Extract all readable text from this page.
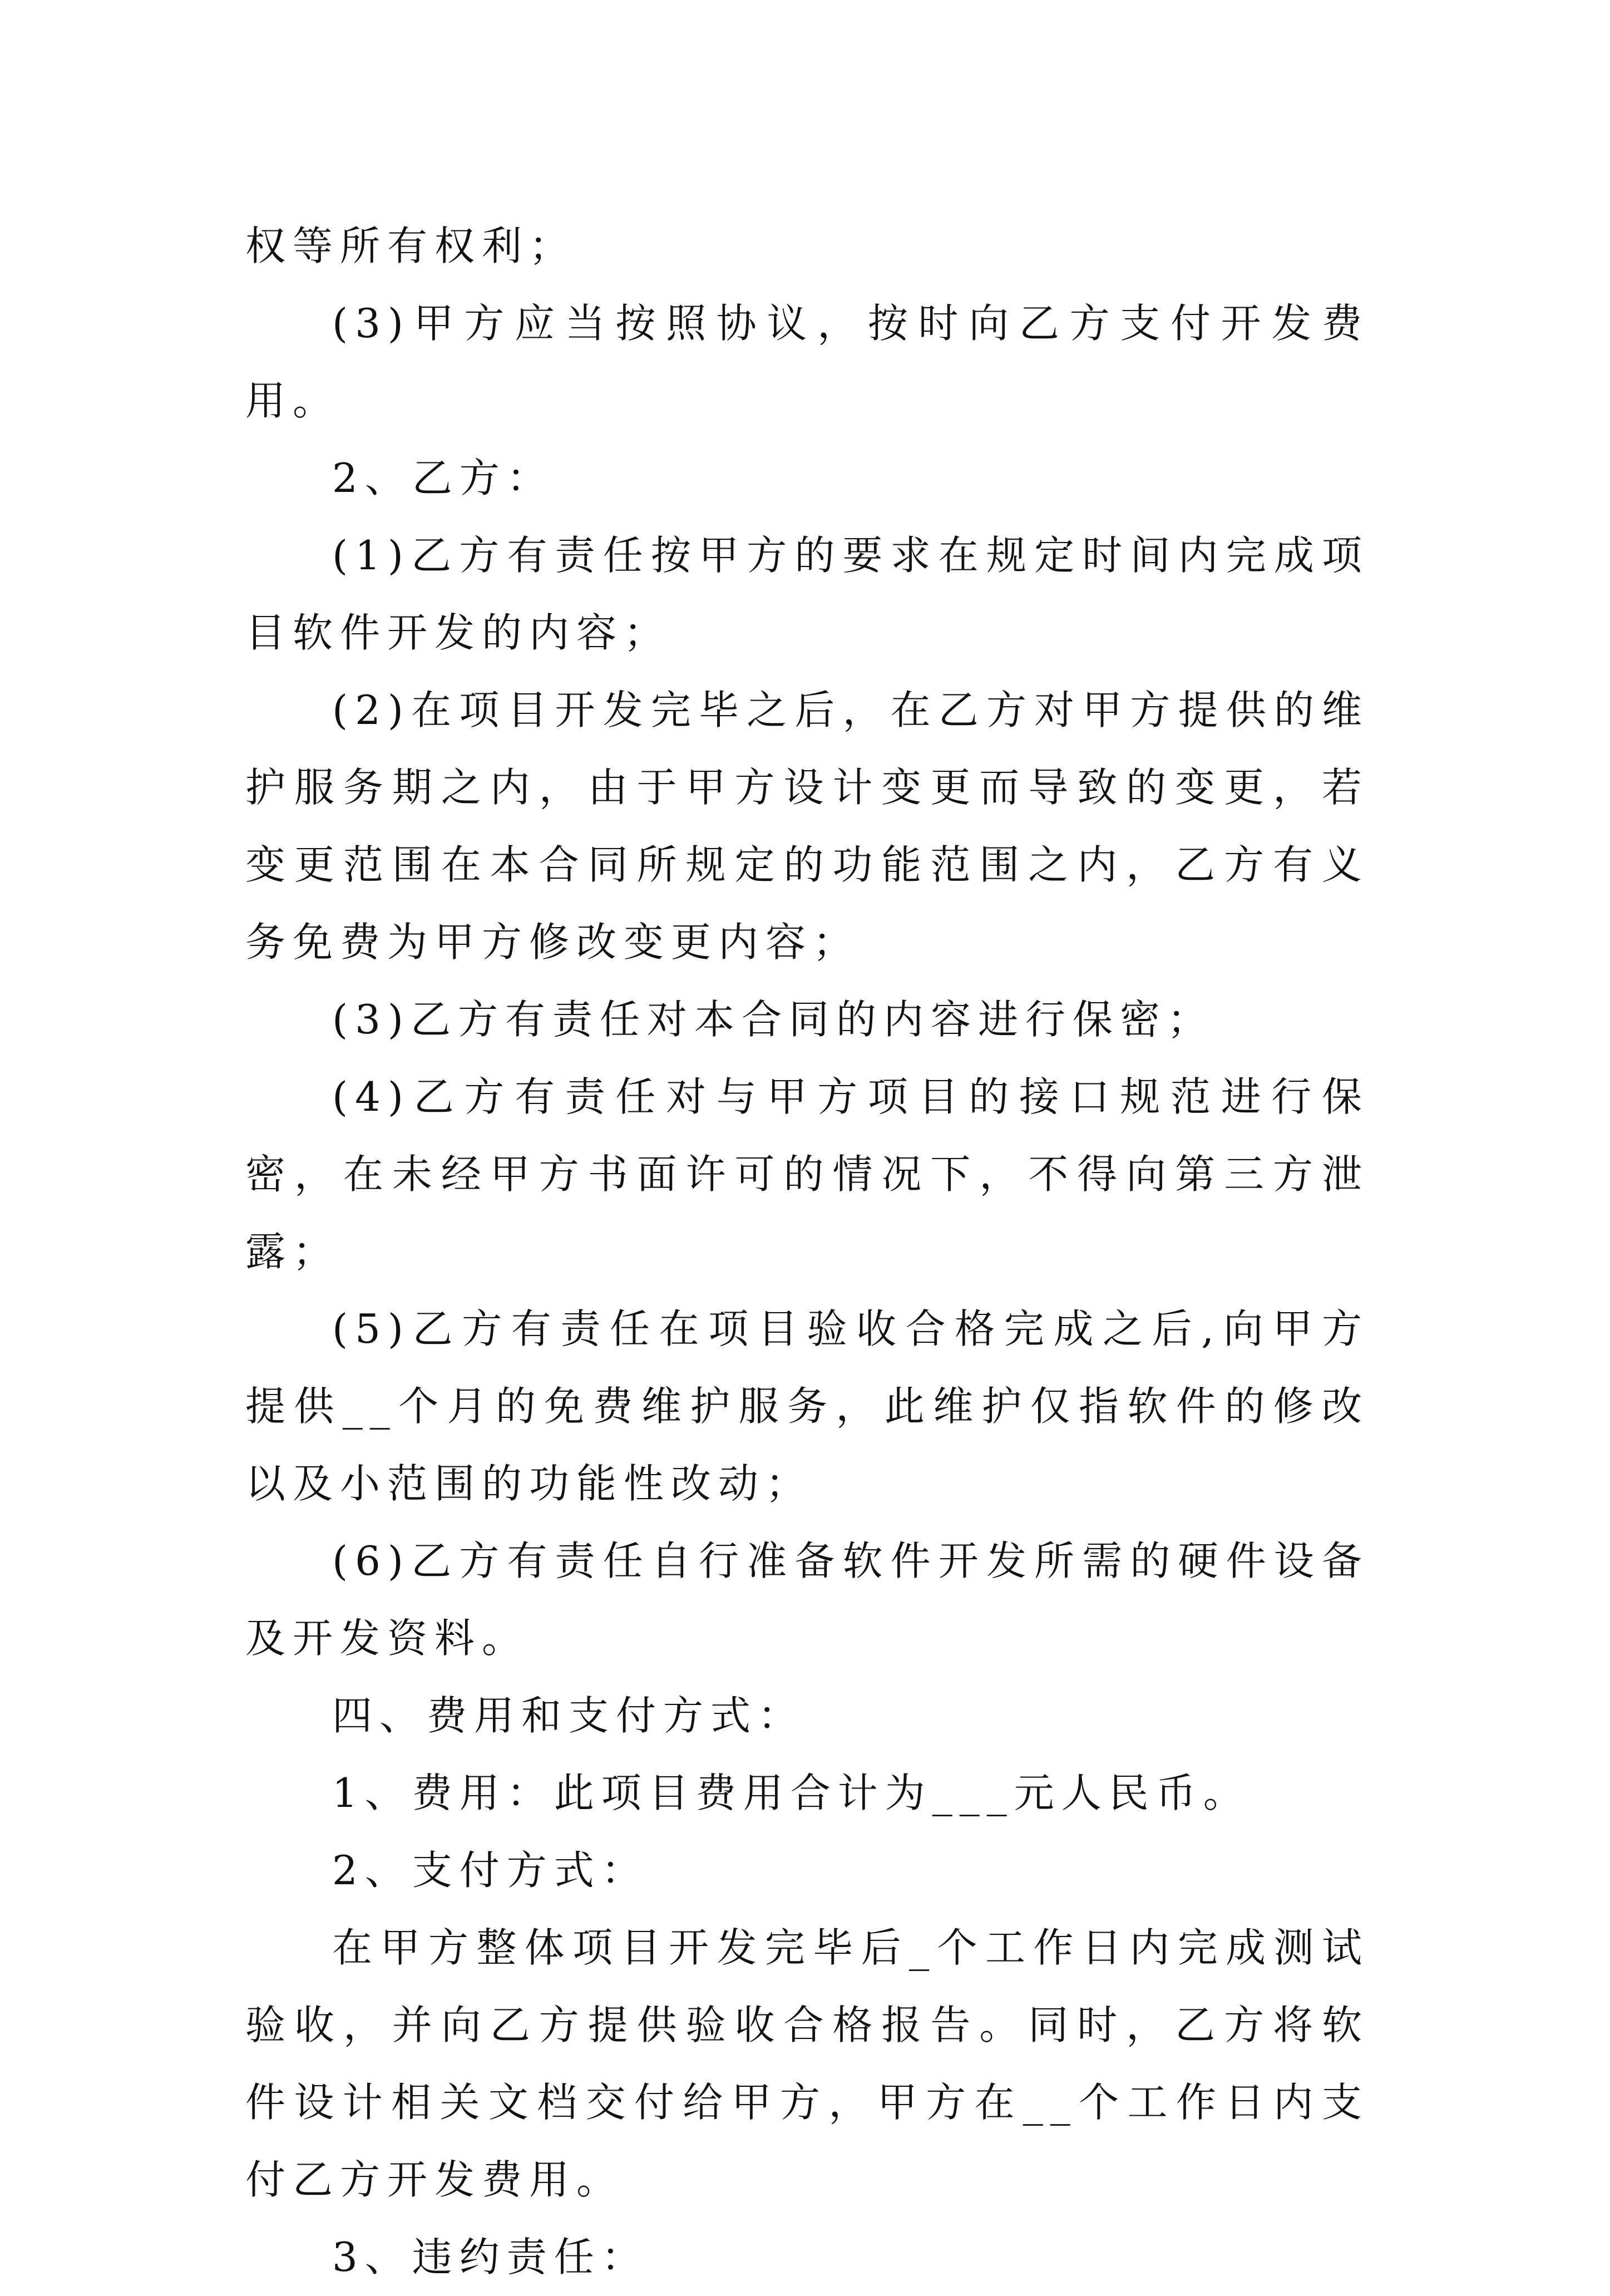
权等所有权利；

(3)甲方应当按照协议，按时向乙方支付开发费用。

2、乙方：

(1)乙方有责任按甲方的要求在规定时间内完成项目软件开发的内容；

(2)在项目开发完毕之后，在乙方对甲方提供的维护服务期之内，由于甲方设计变更而导致的变更，若变更范围在本合同所规定的功能范围之内，乙方有义务免费为甲方修改变更内容；

(3)乙方有责任对本合同的内容进行保密；

(4)乙方有责任对与甲方项目的接口规范进行保密，在未经甲方书面许可的情况下，不得向第三方泄露；

(5)乙方有责任在项目验收合格完成之后,向甲方提供__个月的免费维护服务，此维护仅指软件的修改以及小范围的功能性改动；

(6)乙方有责任自行准备软件开发所需的硬件设备及开发资料。

四、费用和支付方式：

1、费用：此项目费用合计为___元人民币。

2、支付方式：

在甲方整体项目开发完毕后_个工作日内完成测试验收，并向乙方提供验收合格报告。同时，乙方将软件设计相关文档交付给甲方，甲方在__个工作日内支付乙方开发费用。

3、违约责任：
